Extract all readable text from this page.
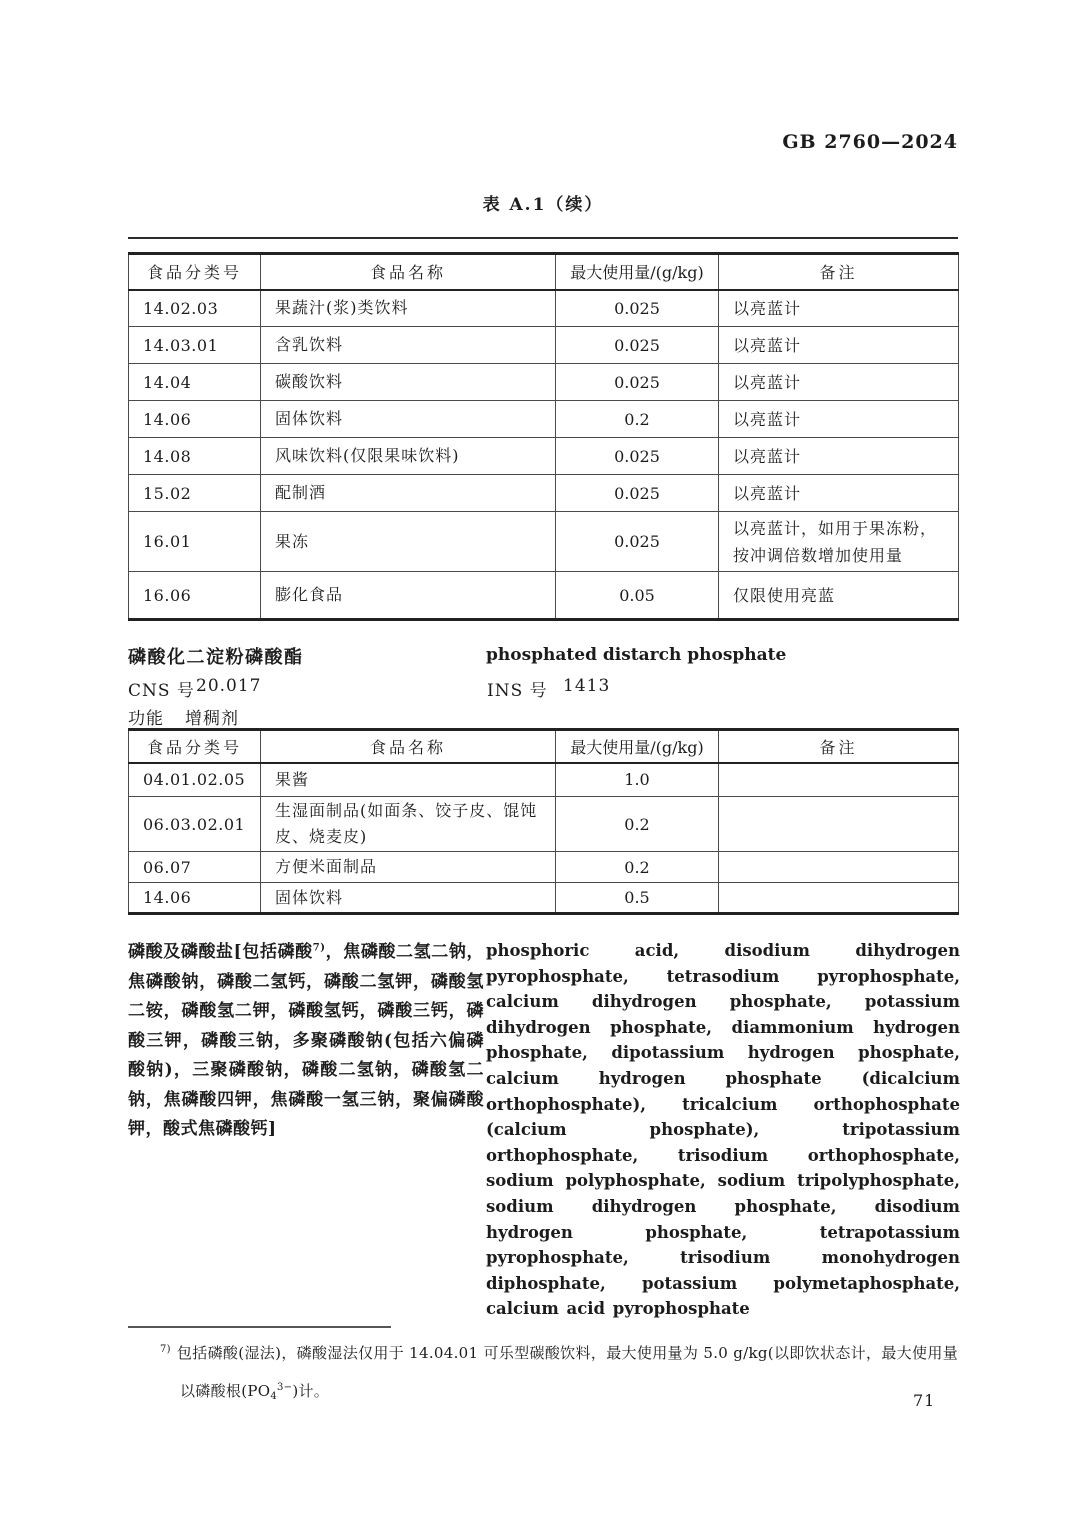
GB 2760—2024
表 A.1（续）
食品分类号	食品名称	最大使用量/(g/kg)	备注
14.02.03	果蔬汁(浆)类饮料	0.025	以亮蓝计
14.03.01	含乳饮料	0.025	以亮蓝计
14.04	碳酸饮料	0.025	以亮蓝计
14.06	固体饮料	0.2	以亮蓝计
14.08	风味饮料(仅限果味饮料)	0.025	以亮蓝计
15.02	配制酒	0.025	以亮蓝计
16.01	果冻	0.025	以亮蓝计，如用于果冻粉，按冲调倍数增加使用量
16.06	膨化食品	0.05	仅限使用亮蓝
磷酸化二淀粉磷酸酯	phosphated distarch phosphate
CNS 号 20.017	INS 号 1413
功能 增稠剂
食品分类号	食品名称	最大使用量/(g/kg)	备注
04.01.02.05	果酱	1.0	
06.03.02.01	生湿面制品(如面条、饺子皮、馄饨皮、烧麦皮)	0.2	
06.07	方便米面制品	0.2	
14.06	固体饮料	0.5	
磷酸及磷酸盐[包括磷酸$^{7)}$，焦磷酸二氢二钠，焦磷酸钠，磷酸二氢钙，磷酸二氢钾，磷酸氢二铵，磷酸氢二钾，磷酸氢钙，磷酸三钙，磷酸三钾，磷酸三钠，多聚磷酸钠(包括六偏磷酸钠)，三聚磷酸钠，磷酸二氢钠，磷酸氢二钠，焦磷酸四钾，焦磷酸一氢三钠，聚偏磷酸钾，酸式焦磷酸钙]
phosphoric acid, disodium dihydrogen pyrophosphate, tetrasodium pyrophosphate, calcium dihydrogen phosphate, potassium dihydrogen phosphate, diammonium hydrogen phosphate, dipotassium hydrogen phosphate, calcium hydrogen phosphate (dicalcium orthophosphate), tricalcium orthophosphate (calcium phosphate), tripotassium orthophosphate, trisodium orthophosphate, sodium polyphosphate, sodium tripolyphosphate, sodium dihydrogen phosphate, disodium hydrogen phosphate, tetrapotassium pyrophosphate, trisodium monohydrogen diphosphate, potassium polymetaphosphate, calcium acid pyrophosphate
$^{7)}$ 包括磷酸(湿法)，磷酸湿法仅用于 14.04.01 可乐型碳酸饮料，最大使用量为 5.0 g/kg(以即饮状态计，最大使用量以磷酸根$(PO_4^{3-})$计。	71
